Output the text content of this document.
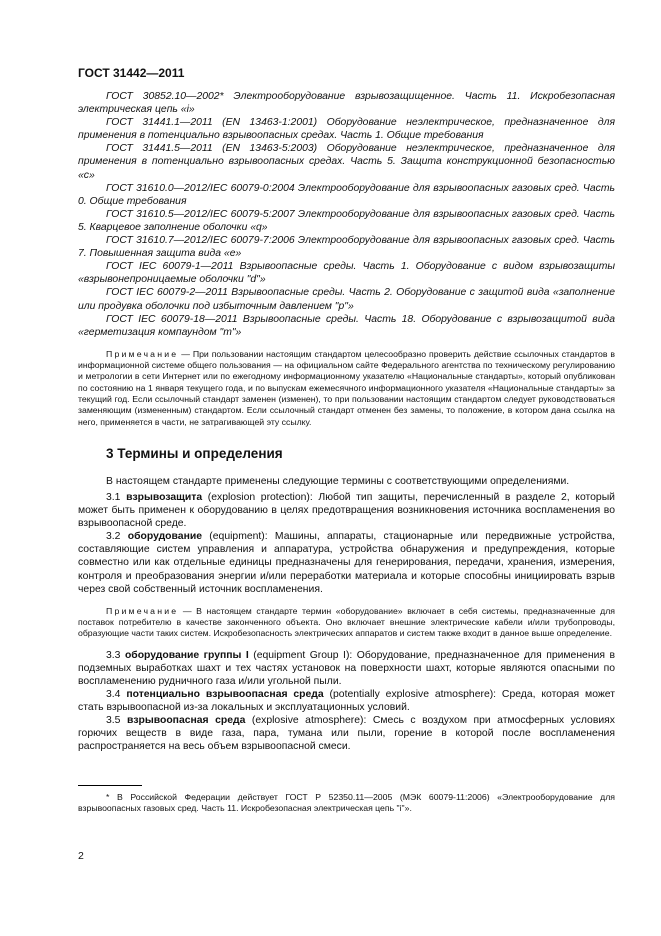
ГОСТ 31442—2011

ГОСТ 30852.10—2002* Электрооборудование взрывозащищенное. Часть 11. Искробезопасная электрическая цепь «i»

ГОСТ 31441.1—2011 (EN 13463-1:2001) Оборудование неэлектрическое, предназначенное для применения в потенциально взрывоопасных средах. Часть 1. Общие требования

ГОСТ 31441.5—2011 (EN 13463-5:2003) Оборудование неэлектрическое, предназначенное для применения в потенциально взрывоопасных средах. Часть 5. Защита конструкционной безопасностью «с»

ГОСТ 31610.0—2012/IEC 60079-0:2004 Электрооборудование для взрывоопасных газовых сред. Часть 0. Общие требования

ГОСТ 31610.5—2012/IEC 60079-5:2007 Электрооборудование для взрывоопасных газовых сред. Часть 5. Кварцевое заполнение оболочки «q»

ГОСТ 31610.7—2012/IEC 60079-7:2006 Электрооборудование для взрывоопасных газовых сред. Часть 7. Повышенная защита вида «е»

ГОСТ IEC 60079-1—2011 Взрывоопасные среды. Часть 1. Оборудование с видом взрывозащиты «взрывонепроницаемые оболочки "d"»

ГОСТ IEC 60079-2—2011 Взрывоопасные среды. Часть 2. Оборудование с защитой вида «заполнение или продувка оболочки под избыточным давлением "р"»

ГОСТ IEC 60079-18—2011 Взрывоопасные среды. Часть 18. Оборудование с взрывозащитой вида «герметизация компаундом "m"»

Примечание — При пользовании настоящим стандартом целесообразно проверить действие ссылочных стандартов в информационной системе общего пользования — на официальном сайте Федерального агентства по техническому регулированию и метрологии в сети Интернет или по ежегодному информационному указателю «Национальные стандарты», который опубликован по состоянию на 1 января текущего года, и по выпускам ежемесячного информационного указателя «Национальные стандарты» за текущий год. Если ссылочный стандарт заменен (изменен), то при пользовании настоящим стандартом следует руководствоваться заменяющим (измененным) стандартом. Если ссылочный стандарт отменен без замены, то положение, в котором дана ссылка на него, применяется в части, не затрагивающей эту ссылку.

3 Термины и определения

В настоящем стандарте применены следующие термины с соответствующими определениями.

3.1 взрывозащита (explosion protection): Любой тип защиты, перечисленный в разделе 2, который может быть применен к оборудованию в целях предотвращения возникновения источника воспламенения во взрывоопасной среде.

3.2 оборудование (equipment): Машины, аппараты, стационарные или передвижные устройства, составляющие систем управления и аппаратура, устройства обнаружения и предупреждения, которые совместно или как отдельные единицы предназначены для генерирования, передачи, хранения, измерения, контроля и преобразования энергии и/или переработки материала и которые способны инициировать взрыв через свой собственный источник воспламенения.

Примечание — В настоящем стандарте термин «оборудование» включает в себя системы, предназначенные для поставок потребителю в качестве законченного объекта. Оно включает внешние электрические кабели и/или трубопроводы, образующие части таких систем. Искробезопасность электрических аппаратов и систем также входит в данное выше определение.

3.3 оборудование группы I (equipment Group I): Оборудование, предназначенное для применения в подземных выработках шахт и тех частях установок на поверхности шахт, которые являются опасными по воспламенению рудничного газа и/или угольной пыли.

3.4 потенциально взрывоопасная среда (potentially explosive atmosphere): Среда, которая может стать взрывоопасной из-за локальных и эксплуатационных условий.

3.5 взрывоопасная среда (explosive atmosphere): Смесь с воздухом при атмосферных условиях горючих веществ в виде газа, пара, тумана или пыли, горение в которой после воспламенения распространяется на весь объем взрывоопасной смеси.

* В Российской Федерации действует ГОСТ Р 52350.11—2005 (МЭК 60079-11:2006) «Электрооборудование для взрывоопасных газовых сред. Часть 11. Искробезопасная электрическая цепь "i"».

2
